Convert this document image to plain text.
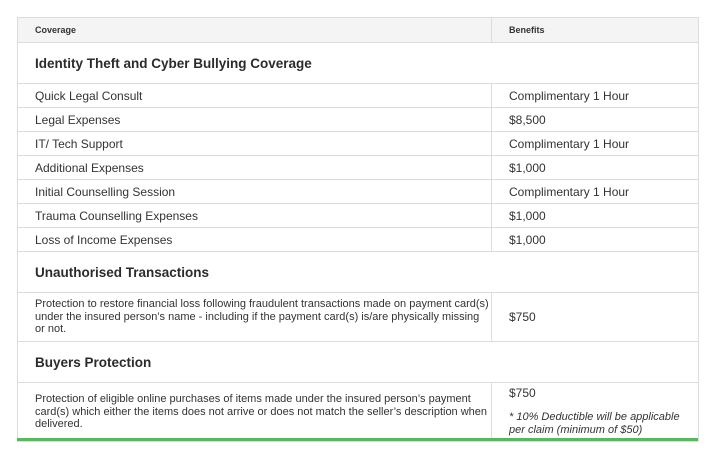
Coverage	Benefits
Identity Theft and Cyber Bullying Coverage	
Quick Legal Consult	Complimentary 1 Hour
Legal Expenses	$8,500
IT/ Tech Support	Complimentary 1 Hour
Additional Expenses	$1,000
Initial Counselling Session	Complimentary 1 Hour
Trauma Counselling Expenses	$1,000
Loss of Income Expenses	$1,000
Unauthorised Transactions	
Protection to restore financial loss following fraudulent transactions made on payment card(s) under the insured person’s name - including if the payment card(s) is/are physically missing or not.	$750
Buyers Protection	
Protection of eligible online purchases of items made under the insured person’s payment card(s) which either the items does not arrive or does not match the seller’s description when delivered.	$750
* 10% Deductible will be applicable per claim (minimum of $50)
